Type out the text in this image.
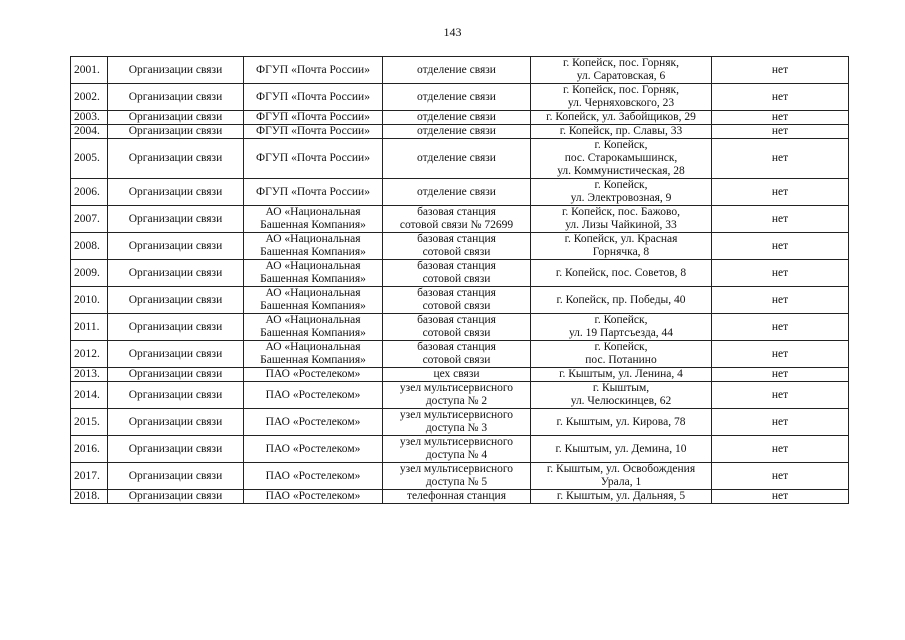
143
2001.	Организации связи	ФГУП «Почта России»	отделение связи	г. Копейск, пос. Горняк,
ул. Саратовская, 6	нет
2002.	Организации связи	ФГУП «Почта России»	отделение связи	г. Копейск, пос. Горняк,
ул. Черняховского, 23	нет
2003.	Организации связи	ФГУП «Почта России»	отделение связи	г. Копейск, ул. Забойщиков, 29	нет
2004.	Организации связи	ФГУП «Почта России»	отделение связи	г. Копейск, пр. Славы, 33	нет
2005.	Организации связи	ФГУП «Почта России»	отделение связи	г. Копейск,
пос. Старокамышинск,
ул. Коммунистическая, 28	нет
2006.	Организации связи	ФГУП «Почта России»	отделение связи	г. Копейск,
ул. Электровозная, 9	нет
2007.	Организации связи	АО «Национальная
Башенная Компания»	базовая станция
сотовой связи № 72699	г. Копейск, пос. Бажово,
ул. Лизы Чайкиной, 33	нет
2008.	Организации связи	АО «Национальная
Башенная Компания»	базовая станция
сотовой связи	г. Копейск, ул. Красная
Горнячка, 8	нет
2009.	Организации связи	АО «Национальная
Башенная Компания»	базовая станция
сотовой связи	г. Копейск, пос. Советов, 8	нет
2010.	Организации связи	АО «Национальная
Башенная Компания»	базовая станция
сотовой связи	г. Копейск, пр. Победы, 40	нет
2011.	Организации связи	АО «Национальная
Башенная Компания»	базовая станция
сотовой связи	г. Копейск,
ул. 19 Партсъезда, 44	нет
2012.	Организации связи	АО «Национальная
Башенная Компания»	базовая станция
сотовой связи	г. Копейск,
пос. Потанино	нет
2013.	Организации связи	ПАО «Ростелеком»	цех связи	г. Кыштым, ул. Ленина, 4	нет
2014.	Организации связи	ПАО «Ростелеком»	узел мультисервисного
доступа № 2	г. Кыштым,
ул. Челюскинцев, 62	нет
2015.	Организации связи	ПАО «Ростелеком»	узел мультисервисного
доступа № 3	г. Кыштым, ул. Кирова, 78	нет
2016.	Организации связи	ПАО «Ростелеком»	узел мультисервисного
доступа № 4	г. Кыштым, ул. Демина, 10	нет
2017.	Организации связи	ПАО «Ростелеком»	узел мультисервисного
доступа № 5	г. Кыштым, ул. Освобождения
Урала, 1	нет
2018.	Организации связи	ПАО «Ростелеком»	телефонная станция	г. Кыштым, ул. Дальняя, 5	нет
